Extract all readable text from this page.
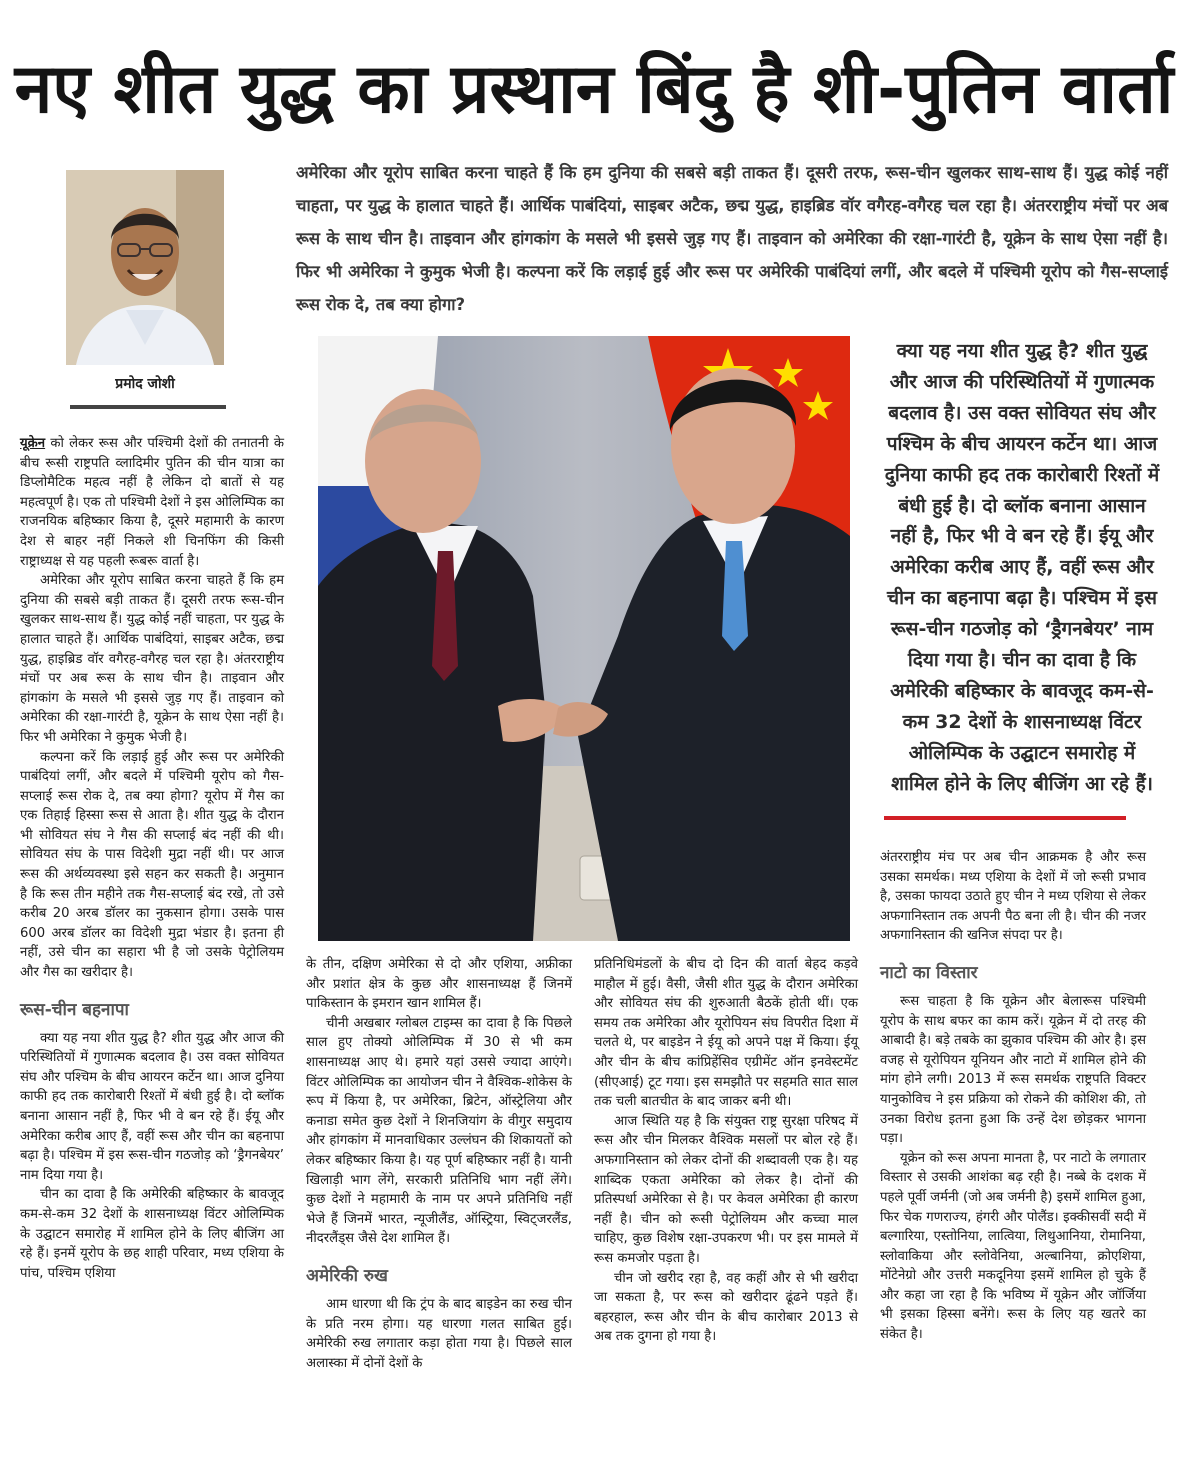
नए शीत युद्ध का प्रस्थान बिंदु है शी-पुतिन वार्ता
अमेरिका और यूरोप साबित करना चाहते हैं कि हम दुनिया की सबसे बड़ी ताकत हैं। दूसरी तरफ, रूस-चीन खुलकर साथ-साथ हैं। युद्ध कोई नहीं चाहता, पर युद्ध के हालात चाहते हैं। आर्थिक पाबंदियां, साइबर अटैक, छद्म युद्ध, हाइब्रिड वॉर वगैरह-वगैरह चल रहा है। अंतरराष्ट्रीय मंचों पर अब रूस के साथ चीन है। ताइवान और हांगकांग के मसले भी इससे जुड़ गए हैं। ताइवान को अमेरिका की रक्षा-गारंटी है, यूक्रेन के साथ ऐसा नहीं है। फिर भी अमेरिका ने कुमुक भेजी है। कल्पना करें कि लड़ाई हुई और रूस पर अमेरिकी पाबंदियां लगीं, और बदले में पश्चिमी यूरोप को गैस-सप्लाई रूस रोक दे, तब क्या होगा?
प्रमोद जोशी

यूक्रेन को लेकर रूस और पश्चिमी देशों की तनातनी के बीच रूसी राष्ट्रपति व्लादिमीर पुतिन की चीन यात्रा का डिप्लोमैटिक महत्व नहीं है लेकिन दो बातों से यह महत्वपूर्ण है। एक तो पश्चिमी देशों ने इस ओलिम्पिक का राजनयिक बहिष्कार किया है, दूसरे महामारी के कारण देश से बाहर नहीं निकले शी चिनफिंग की किसी राष्ट्राध्यक्ष से यह पहली रूबरू वार्ता है।

अमेरिका और यूरोप साबित करना चाहते हैं कि हम दुनिया की सबसे बड़ी ताकत हैं। दूसरी तरफ रूस-चीन खुलकर साथ-साथ हैं। युद्ध कोई नहीं चाहता, पर युद्ध के हालात चाहते हैं। आर्थिक पाबंदियां, साइबर अटैक, छद्म युद्ध, हाइब्रिड वॉर वगैरह-वगैरह चल रहा है। अंतरराष्ट्रीय मंचों पर अब रूस के साथ चीन है। ताइवान और हांगकांग के मसले भी इससे जुड़ गए हैं। ताइवान को अमेरिका की रक्षा-गारंटी है, यूक्रेन के साथ ऐसा नहीं है। फिर भी अमेरिका ने कुमुक भेजी है।

कल्पना करें कि लड़ाई हुई और रूस पर अमेरिकी पाबंदियां लगीं, और बदले में पश्चिमी यूरोप को गैस-सप्लाई रूस रोक दे, तब क्या होगा? यूरोप में गैस का एक तिहाई हिस्सा रूस से आता है। शीत युद्ध के दौरान भी सोवियत संघ ने गैस की सप्लाई बंद नहीं की थी। सोवियत संघ के पास विदेशी मुद्रा नहीं थी। पर आज रूस की अर्थव्यवस्था इसे सहन कर सकती है। अनुमान है कि रूस तीन महीने तक गैस-सप्लाई बंद रखे, तो उसे करीब 20 अरब डॉलर का नुकसान होगा। उसके पास 600 अरब डॉलर का विदेशी मुद्रा भंडार है। इतना ही नहीं, उसे चीन का सहारा भी है जो उसके पेट्रोलियम और गैस का खरीदार है।

रूस-चीन बहनापा

क्या यह नया शीत युद्ध है? शीत युद्ध और आज की परिस्थितियों में गुणात्मक बदलाव है। उस वक्त सोवियत संघ और पश्चिम के बीच आयरन कर्टेन था। आज दुनिया काफी हद तक कारोबारी रिश्तों में बंधी हुई है। दो ब्लॉक बनाना आसान नहीं है, फिर भी वे बन रहे हैं। ईयू और अमेरिका करीब आए हैं, वहीं रूस और चीन का बहनापा बढ़ा है। पश्चिम में इस रूस-चीन गठजोड़ को ‘ड्रैगनबेयर’ नाम दिया गया है।

चीन का दावा है कि अमेरिकी बहिष्कार के बावजूद कम-से-कम 32 देशों के शासनाध्यक्ष विंटर ओलिम्पिक के उद्घाटन समारोह में शामिल होने के लिए बीजिंग आ रहे हैं। इनमें यूरोप के छह शाही परिवार, मध्य एशिया के पांच, पश्चिम एशिया

के तीन, दक्षिण अमेरिका से दो और एशिया, अफ्रीका और प्रशांत क्षेत्र के कुछ और शासनाध्यक्ष हैं जिनमें पाकिस्तान के इमरान खान शामिल हैं।

चीनी अखबार ग्लोबल टाइम्स का दावा है कि पिछले साल हुए तोक्यो ओलिम्पिक में 30 से भी कम शासनाध्यक्ष आए थे। हमारे यहां उससे ज्यादा आएंगे। विंटर ओलिम्पिक का आयोजन चीन ने वैश्विक-शोकेस के रूप में किया है, पर अमेरिका, ब्रिटेन, ऑस्ट्रेलिया और कनाडा समेत कुछ देशों ने शिनजियांग के वीगुर समुदाय और हांगकांग में मानवाधिकार उल्लंघन की शिकायतों को लेकर बहिष्कार किया है। यह पूर्ण बहिष्कार नहीं है। यानी खिलाड़ी भाग लेंगे, सरकारी प्रतिनिधि भाग नहीं लेंगे। कुछ देशों ने महामारी के नाम पर अपने प्रतिनिधि नहीं भेजे हैं जिनमें भारत, न्यूजीलैंड, ऑस्ट्रिया, स्विट्जरलैंड, नीदरलैंड्स जैसे देश शामिल हैं।

अमेरिकी रुख

आम धारणा थी कि ट्रंप के बाद बाइडेन का रुख चीन के प्रति नरम होगा। यह धारणा गलत साबित हुई। अमेरिकी रुख लगातार कड़ा होता गया है। पिछले साल अलास्का में दोनों देशों के

प्रतिनिधिमंडलों के बीच दो दिन की वार्ता बेहद कड़वे माहौल में हुई। वैसी, जैसी शीत युद्ध के दौरान अमेरिका और सोवियत संघ की शुरुआती बैठकें होती थीं। एक समय तक अमेरिका और यूरोपियन संघ विपरीत दिशा में चलते थे, पर बाइडेन ने ईयू को अपने पक्ष में किया। ईयू और चीन के बीच कांप्रिहेंसिव एग्रीमेंट ऑन इनवेस्टमेंट (सीएआई) टूट गया। इस समझौते पर सहमति सात साल तक चली बातचीत के बाद जाकर बनी थी।

आज स्थिति यह है कि संयुक्त राष्ट्र सुरक्षा परिषद में रूस और चीन मिलकर वैश्विक मसलों पर बोल रहे हैं। अफगानिस्तान को लेकर दोनों की शब्दावली एक है। यह शाब्दिक एकता अमेरिका को लेकर है। दोनों की प्रतिस्पर्धा अमेरिका से है। पर केवल अमेरिका ही कारण नहीं है। चीन को रूसी पेट्रोलियम और कच्चा माल चाहिए, कुछ विशेष रक्षा-उपकरण भी। पर इस मामले में रूस कमजोर पड़ता है।

चीन जो खरीद रहा है, वह कहीं और से भी खरीदा जा सकता है, पर रूस को खरीदार ढूंढने पड़ते हैं। बहरहाल, रूस और चीन के बीच कारोबार 2013 से अब तक दुगना हो गया है।

क्या यह नया शीत युद्ध है? शीत युद्ध और आज की परिस्थितियों में गुणात्मक बदलाव है। उस वक्त सोवियत संघ और पश्चिम के बीच आयरन कर्टेन था। आज दुनिया काफी हद तक कारोबारी रिश्तों में बंधी हुई है। दो ब्लॉक बनाना आसान नहीं है, फिर भी वे बन रहे हैं। ईयू और अमेरिका करीब आए हैं, वहीं रूस और चीन का बहनापा बढ़ा है। पश्चिम में इस रूस-चीन गठजोड़ को ‘ड्रैगनबेयर’ नाम दिया गया है। चीन का दावा है कि अमेरिकी बहिष्कार के बावजूद कम-से-कम 32 देशों के शासनाध्यक्ष विंटर ओलिम्पिक के उद्घाटन समारोह में शामिल होने के लिए बीजिंग आ रहे हैं।

अंतरराष्ट्रीय मंच पर अब चीन आक्रमक है और रूस उसका समर्थक। मध्य एशिया के देशों में जो रूसी प्रभाव है, उसका फायदा उठाते हुए चीन ने मध्य एशिया से लेकर अफगानिस्तान तक अपनी पैठ बना ली है। चीन की नजर अफगानिस्तान की खनिज संपदा पर है।

नाटो का विस्तार

रूस चाहता है कि यूक्रेन और बेलारूस पश्चिमी यूरोप के साथ बफर का काम करें। यूक्रेन में दो तरह की आबादी है। बड़े तबके का झुकाव पश्चिम की ओर है। इस वजह से यूरोपियन यूनियन और नाटो में शामिल होने की मांग होने लगी। 2013 में रूस समर्थक राष्ट्रपति विक्टर यानुकोविच ने इस प्रक्रिया को रोकने की कोशिश की, तो उनका विरोध इतना हुआ कि उन्हें देश छोड़कर भागना पड़ा।

यूक्रेन को रूस अपना मानता है, पर नाटो के लगातार विस्तार से उसकी आशंका बढ़ रही है। नब्बे के दशक में पहले पूर्वी जर्मनी (जो अब जर्मनी है) इसमें शामिल हुआ, फिर चेक गणराज्य, हंगरी और पोलैंड। इक्कीसवीं सदी में बल्गारिया, एस्तोनिया, लात्विया, लिथुआनिया, रोमानिया, स्लोवाकिया और स्लोवेनिया, अल्बानिया, क्रोएशिया, मोंटेनेग्रो और उत्तरी मकदूनिया इसमें शामिल हो चुके हैं और कहा जा रहा है कि भविष्य में यूक्रेन और जॉर्जिया भी इसका हिस्सा बनेंगे। रूस के लिए यह खतरे का संकेत है।
